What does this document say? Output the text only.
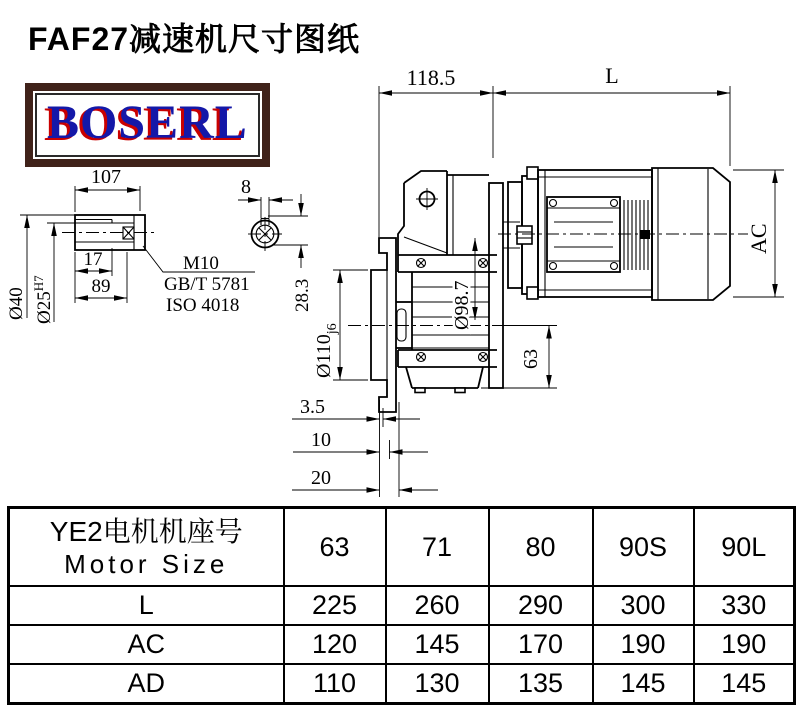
FAF27减速机尺寸图纸
BOSERL
107
Ø40 $Ø25^{H7}$
17
89
M10
GB/T 5781
ISO 4018
8
28.3
118.5	L
$Ø110_{j6}$	Ø98.7
63
AC
3.5
10
20
YE2电机机座号
Motor Size	63	71	80	90S	90L
L	225	260	290	300	330
AC	120	145	170	190	190
AD	110	130	135	145	145
